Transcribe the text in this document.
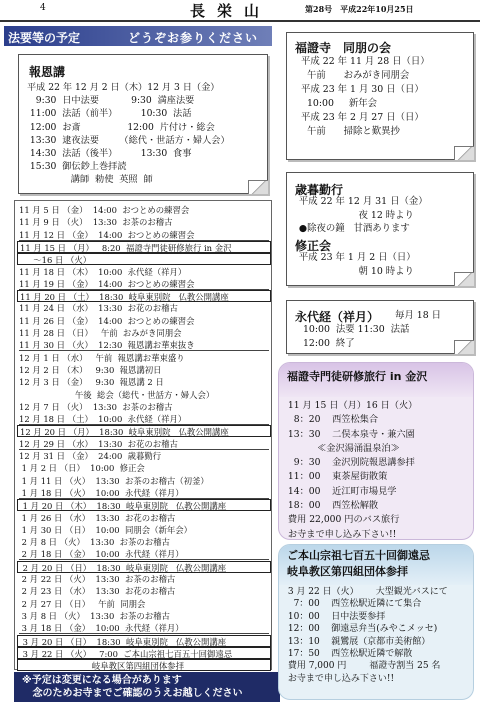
4	長栄山	第28号　平成22年10月25日
法要等の予定	どうぞお参りください
報恩講
平成 22 年 12 月 2 日（木）12 月 3 日（金）
9:30  日中法要           9:30  満座法要
11:00  法話（前半）        10:30  法話
12:00  お斎                12:00  片付け・総会
13:30  逮夜法要       （総代・世話方・婦人会）
14:30  法話（後半）        13:30  食事
15:30  御伝鈔上巻拝読
講師  勅使  英照  師
福證寺　同朋の会
平成 22 年 11 月 28 日（日）
午前      おみがき同朋会
平成 23 年 1 月 30 日（日）
10:00     新年会
平成 23 年 2 月 27 日（日）
午前      掃除と歎異抄
歳暮勤行
平成 22 年 12 月 31 日（金）
夜 12 時より
●除夜の鐘   甘酒あります
修正会
平成 23 年 1 月 2 日（日）
朝 10 時より
永代経（祥月） 毎月 18 日
10:00  法要 11:30  法話
12:00  終了
11 月 5 日 （金）  14:00  おつとめの練習会
11 月 9 日 （火）  13:30  お茶のお稽古
11 月 12 日 （金）  14:00  おつとめの練習会
11 月 15 日 （月）   8:20  福證寺門徒研修旅行 in 金沢
～16 日 （火）
11 月 18 日 （木）  10:00  永代経（祥月）
11 月 19 日 （金）  14:00  おつとめの練習会
11 月 20 日 （土）  18:30  岐阜東別院   仏教公開講座
11 月 24 日 （水）  13:30  お花のお稽古
11 月 26 日 （金）  14:00  おつとめの練習会
11 月 28 日 （日）   午前  おみがき同朋会
11 月 30 日 （火）  12:30  報恩講お華束抜き
12 月 1 日 （水）   午前  報恩講お華束盛り
12 月 2 日 （木）   9:30  報恩講初日
12 月 3 日 （金）   9:30  報恩講 2 日
午後  総会（総代・世話方・婦人会）
12 月 7 日 （火）  13:30  お茶のお稽古
12 月 18 日 （土）  10:00  永代経（祥月）
12 月 20 日 （月）  18:30  岐阜東別院   仏教公開講座
12 月 29 日 （水）  13:30  お花のお稽古
12 月 31 日 （金）  24:00  歳暮勤行
1 月 2 日 （日）  10:00  修正会
1 月 11 日 （火）  13:30  お茶のお稽古（初釜）
1 月 18 日 （火）  10:00  永代経（祥月）
1 月 20 日 （木）  18:30  岐阜東別院   仏教公開講座
1 月 26 日 （水）  13:30  お花のお稽古
1 月 30 日 （日）  10:00  同朋会（新年会）
2 月 8 日 （火）  13:30  お茶のお稽古
2 月 18 日 （金）  10:00  永代経（祥月）
2 月 20 日 （日）  18:30  岐阜東別院   仏教公開講座
2 月 22 日 （火）  13:30  お茶のお稽古
2 月 23 日 （水）  13:30  お花のお稽古
2 月 27 日 （日）   午前  同朋会
3 月 8 日 （火）  13:30  お茶のお稽古
3 月 18 日 （金）  10:00  永代経（祥月）
3 月 20 日 （日）  18:30  岐阜東別院   仏教公開講座
3 月 22 日 （火）   7:00  ご本山宗祖七百五十回御遠忌
岐阜教区第四組団体参拝
※予定は変更になる場合があります
念のためお寺までご確認のうえお越しください
福證寺門徒研修旅行 in 金沢
11 月 15 日（月）16 日（火）
8：20    西笠松集合
13：30    二俣本泉寺・兼六園
≪金沢湯涌温泉泊≫
9：30    金沢別院報恩講参拝
11：00    東茶屋街散策
14：00    近江町市場見学
18：00    西笠松解散
費用 22,000 円のバス旅行
お寺まで申し込み下さい!!
ご本山宗祖七百五十回御遠忌
岐阜教区第四組団体参拝
3 月 22 日（火）      大型観光バスにて
7：00    西笠松駅近隣にて集合
10：00    日中法要参拝
12：00    御遠忌弁当(みやこメッセ)
13：10    親鸞展（京都市美術館）
17：50    西笠松駅近隣で解散
費用 7,000 円        福證寺割当 25 名
お寺まで申し込み下さい!!
